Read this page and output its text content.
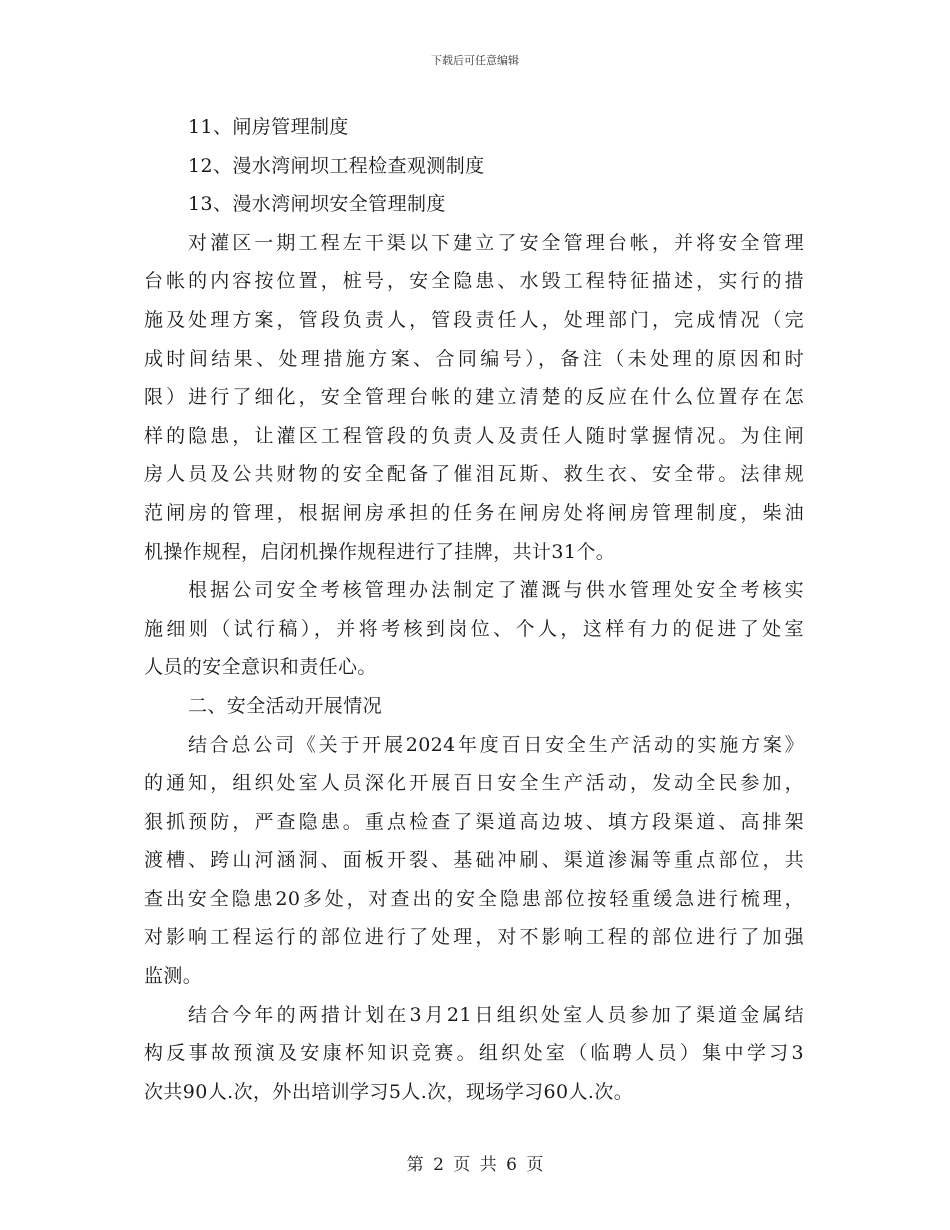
下载后可任意编辑
11、闸房管理制度
12、漫水湾闸坝工程检查观测制度
13、漫水湾闸坝安全管理制度
对灌区一期工程左干渠以下建立了安全管理台帐，并将安全管理
台帐的内容按位置，桩号，安全隐患、水毁工程特征描述，实行的措
施及处理方案，管段负责人，管段责任人，处理部门，完成情况（完
成时间结果、处理措施方案、合同编号），备注（未处理的原因和时
限）进行了细化，安全管理台帐的建立清楚的反应在什么位置存在怎
样的隐患，让灌区工程管段的负责人及责任人随时掌握情况。为住闸
房人员及公共财物的安全配备了催泪瓦斯、救生衣、安全带。法律规
范闸房的管理，根据闸房承担的任务在闸房处将闸房管理制度，柴油
机操作规程，启闭机操作规程进行了挂牌，共计31个。
根据公司安全考核管理办法制定了灌溉与供水管理处安全考核实
施细则（试行稿），并将考核到岗位、个人，这样有力的促进了处室
人员的安全意识和责任心。
二、安全活动开展情况
结合总公司《关于开展2024年度百日安全生产活动的实施方案》
的通知，组织处室人员深化开展百日安全生产活动，发动全民参加，
狠抓预防，严查隐患。重点检查了渠道高边坡、填方段渠道、高排架
渡槽、跨山河涵洞、面板开裂、基础冲刷、渠道渗漏等重点部位，共
查出安全隐患20多处，对查出的安全隐患部位按轻重缓急进行梳理，
对影响工程运行的部位进行了处理，对不影响工程的部位进行了加强
监测。
结合今年的两措计划在3月21日组织处室人员参加了渠道金属结
构反事故预演及安康杯知识竞赛。组织处室（临聘人员）集中学习3
次共90人.次，外出培训学习5人.次，现场学习60人.次。
第 2 页 共 6 页
